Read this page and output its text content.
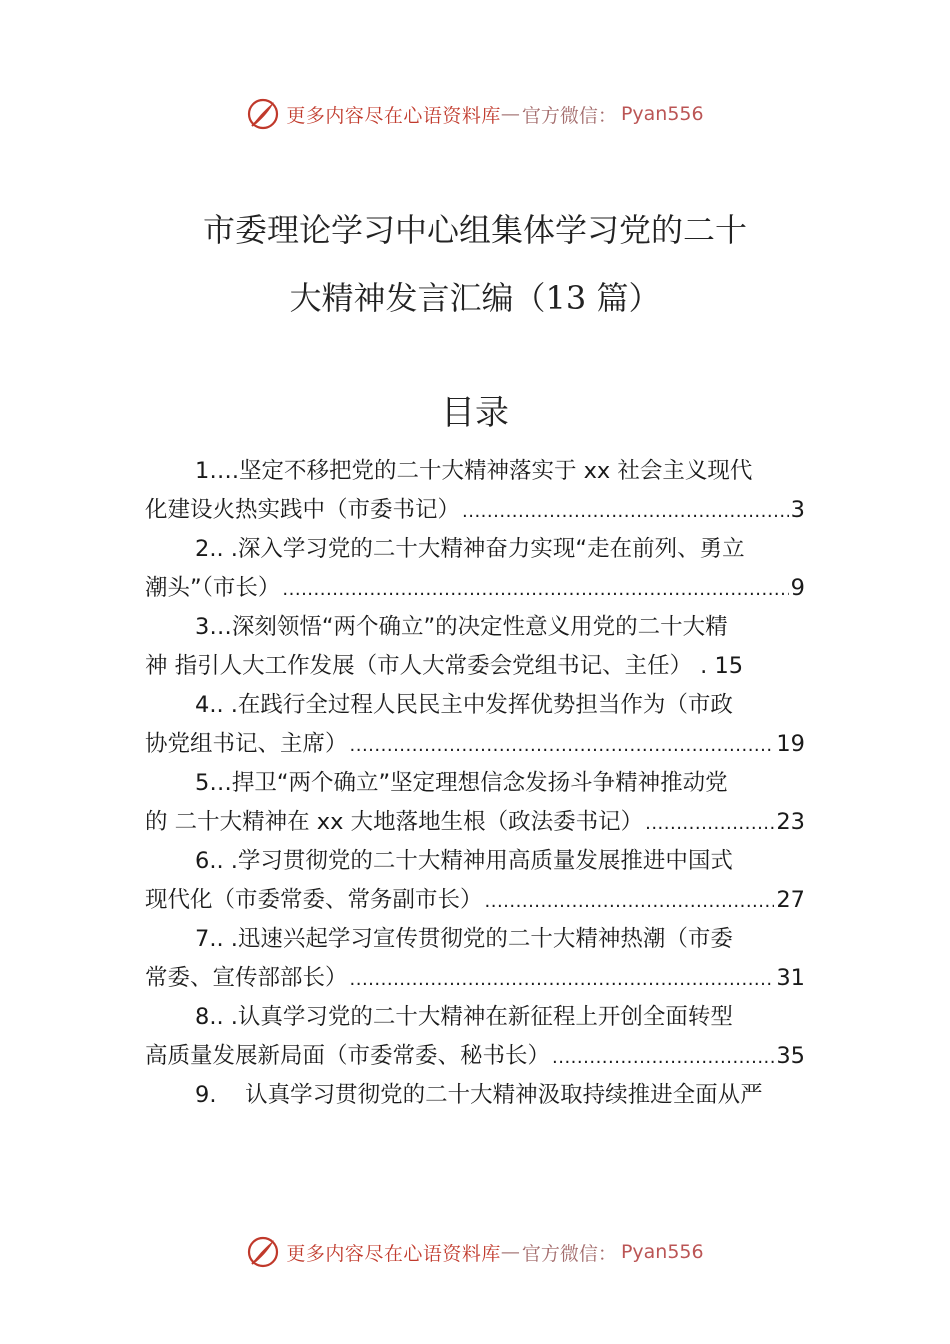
更多内容尽在心语资料库 — 官方微信： Pyan556
市委理论学习中心组集体学习党的二十
大精神发言汇编（13 篇）
目录
1….坚定不移把党的二十大精神落实于 xx 社会主义现代
化建设火热实践中（市委书记） .....	3
2.. .深入学习党的二十大精神奋力实现“走在前列、勇立
潮头”（市长） .....	9
3…深刻领悟“两个确立”的决定性意义用党的二十大精
神 指引人大工作发展（市人大常委会党组书记、主任） . 15
4.. .在践行全过程人民民主中发挥优势担当作为（市政
协党组书记、主席） .....	19
5…捍卫“两个确立”坚定理想信念发扬斗争精神推动党
的 二十大精神在 xx 大地落地生根（政法委书记） .....	23
6.. .学习贯彻党的二十大精神用高质量发展推进中国式
现代化（市委常委、常务副市长） .....	27
7.. .迅速兴起学习宣传贯彻党的二十大精神热潮（市委
常委、宣传部部长） .....	31
8.. .认真学习党的二十大精神在新征程上开创全面转型
高质量发展新局面（市委常委、秘书长） .....	35
9.    认真学习贯彻党的二十大精神汲取持续推进全面从严
更多内容尽在心语资料库 — 官方微信： Pyan556
